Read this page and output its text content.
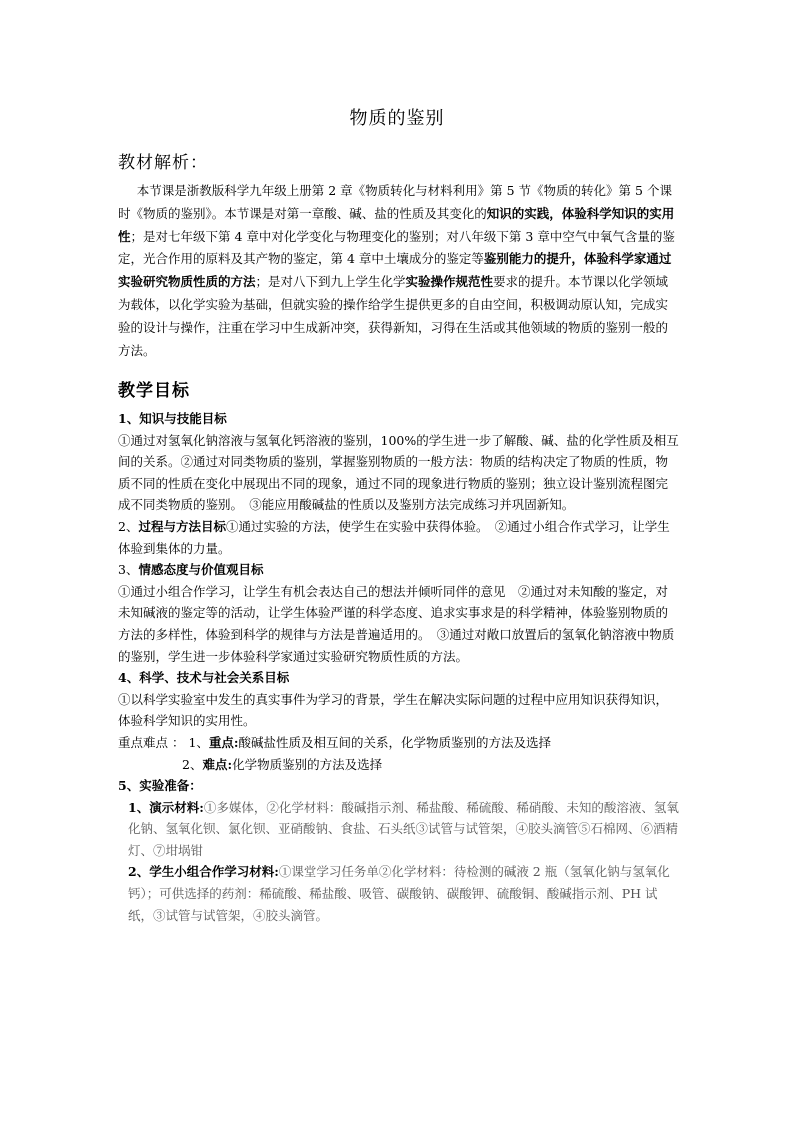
物质的鉴别
教材解析：
  本节课是浙教版科学九年级上册第 2 章《物质转化与材料利用》第 5 节《物质的转化》第 5 个课时《物质的鉴别》。本节课是对第一章酸、碱、盐的性质及其变化的知识的实践，体验科学知识的实用性；是对七年级下第 4 章中对化学变化与物理变化的鉴别；对八年级下第 3 章中空气中氧气含量的鉴定，光合作用的原料及其产物的鉴定，第 4 章中土壤成分的鉴定等鉴别能力的提升，体验科学家通过实验研究物质性质的方法；是对八下到九上学生化学实验操作规范性要求的提升。本节课以化学领域为载体，以化学实验为基础，但就实验的操作给学生提供更多的自由空间，积极调动原认知，完成实验的设计与操作，注重在学习中生成新冲突，获得新知，习得在生活或其他领域的物质的鉴别一般的方法。
教学目标

1、知识与技能目标

①通过对氢氧化钠溶液与氢氧化钙溶液的鉴别，100%的学生进一步了解酸、碱、盐的化学性质及相互间的关系。②通过对同类物质的鉴别，掌握鉴别物质的一般方法：物质的结构决定了物质的性质，物质不同的性质在变化中展现出不同的现象，通过不同的现象进行物质的鉴别；独立设计鉴别流程图完成不同类物质的鉴别。　③能应用酸碱盐的性质以及鉴别方法完成练习并巩固新知。

2、过程与方法目标①通过实验的方法，使学生在实验中获得体验。　②通过小组合作式学习，让学生体验到集体的力量。

3、情感态度与价值观目标

①通过小组合作学习，让学生有机会表达自己的想法并倾听同伴的意见　②通过对未知酸的鉴定，对未知碱液的鉴定等的活动，让学生体验严谨的科学态度、追求实事求是的科学精神，体验鉴别物质的方法的多样性，体验到科学的规律与方法是普遍适用的。　③通过对敞口放置后的氢氧化钠溶液中物质的鉴别，学生进一步体验科学家通过实验研究物质性质的方法。

4、科学、技术与社会关系目标

①以科学实验室中发生的真实事件为学习的背景，学生在解决实际问题的过程中应用知识获得知识，体验科学知识的实用性。

重点难点 ： 1、重点:酸碱盐性质及相互间的关系，化学物质鉴别的方法及选择

2、难点:化学物质鉴别的方法及选择

5、实验准备：

1、演示材料:①多媒体，②化学材料：酸碱指示剂、稀盐酸、稀硫酸、稀硝酸、未知的酸溶液、氢氧化钠、氢氧化钡、氯化钡、亚硝酸钠、食盐、石头纸③试管与试管架，④胶头滴管⑤石棉网、⑥酒精灯、⑦坩埚钳

2、学生小组合作学习材料:①课堂学习任务单②化学材料：待检测的碱液 2 瓶（氢氧化钠与氢氧化钙）；可供选择的药剂：稀硫酸、稀盐酸、吸管、碳酸钠、碳酸钾、硫酸铜、酸碱指示剂、PH 试纸，③试管与试管架，④胶头滴管。
